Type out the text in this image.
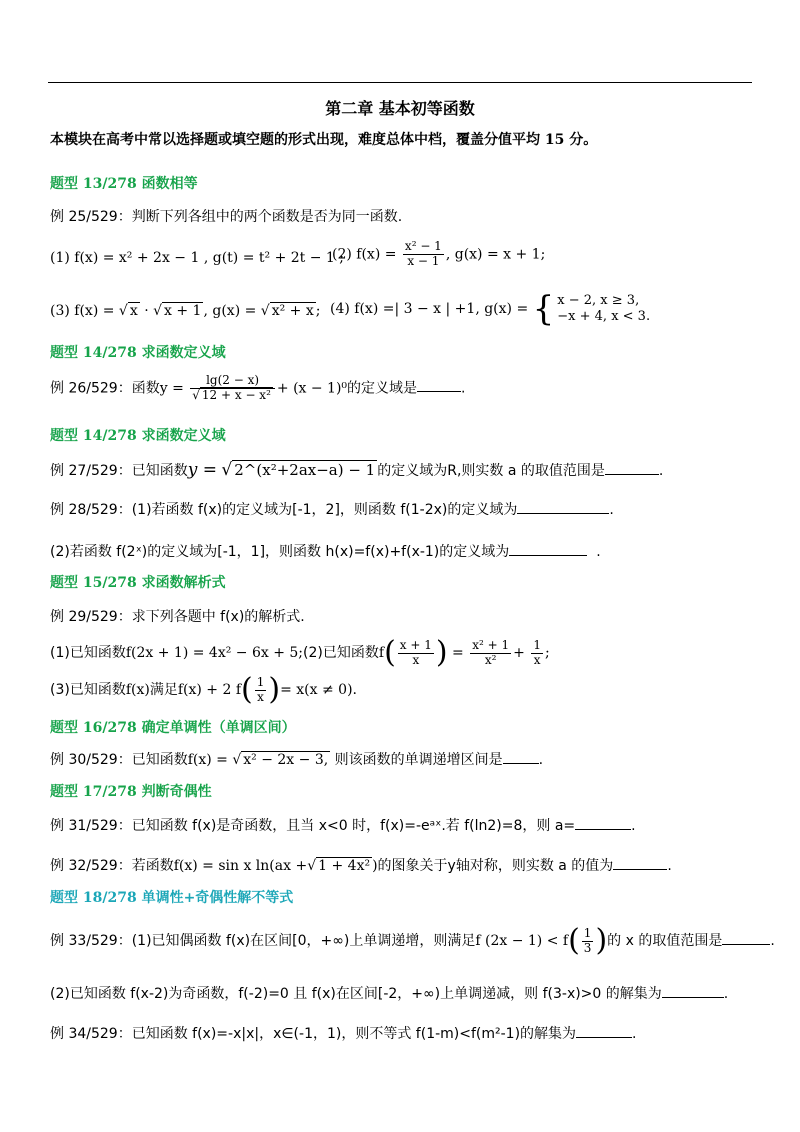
第二章 基本初等函数
本模块在高考中常以选择题或填空题的形式出现，难度总体中档，覆盖分值平均 15 分。
题型 13/278 函数相等
例 25/529：判断下列各组中的两个函数是否为同一函数.
(1) f(x) = x² + 2x − 1 , g(t) = t² + 2t − 1 ;
(2) $f(x) = \frac{\text{x² − 1}}{x - 1}$ , g(x) = x + 1;
(3) f(x) = √ x · √ x + 1 , g(x) = √ x² + x ; (4) f(x) =| 3 − x | +1, g(x) = { x − 2, x ≥ 3,
−x + 4, x < 3.
题型 14/278 求函数定义域
例 26/529：函数$y = \frac{\lg(2 - x)}{\text{√ 12 + x − x²}} + (x - 1)^0$的定义域是	.
题型 14/278 求函数定义域
例 27/529：已知函数y = √ 2^(x²+2ax−a) − 1 的定义域为R,则实数 a 的取值范围是	.
例 28/529：(1)若函数 f(x)的定义域为[-1，2]，则函数 f(1-2x)的定义域为	.
(2)若函数 f(2ˣ)的定义域为[-1，1]，则函数 h(x)=f(x)+f(x-1)的定义域为	.
题型 15/278 求函数解析式
例 29/529：求下列各题中 f(x)的解析式.
(1)已知函数f(2x + 1) = 4x² − 6x + 5;(2)已知函数$f( \frac{x + 1}{x}$ ) = $\frac{\text{x² + 1}}{\text{x²}} + \frac{1}{x}$ ;
(3)已知函数f(x)满足f(x) + 2 $f( \frac{1}{x}$ )= x(x ≠ 0).
题型 16/278 确定单调性（单调区间）
例 30/529：已知函数f(x) = √ x² − 2x − 3, 则该函数的单调递增区间是	.
题型 17/278 判断奇偶性
例 31/529：已知函数 f(x)是奇函数，且当 x<0 时，f(x)=-eᵃˣ.若 f(ln2)=8，则 a=	.
例 32/529：若函数f(x) = sin x ln(ax +√ 1 + 4x² )的图象关于y轴对称，则实数 a 的值为	.
题型 18/278 单调性+奇偶性解不等式
例 33/529：(1)已知偶函数 f(x)在区间[0，+∞)上单调递增，则满足f $(2x - 1) < f( \frac{1}{3}$ )的 x 的取值范围是	.
(2)已知函数 f(x-2)为奇函数，f(-2)=0 且 f(x)在区间[-2，+∞)上单调递减，则 f(3-x)>0 的解集为	.
例 34/529：已知函数 f(x)=-x|x|，x∈(-1，1)，则不等式 f(1-m)<f(m²-1)的解集为	.
